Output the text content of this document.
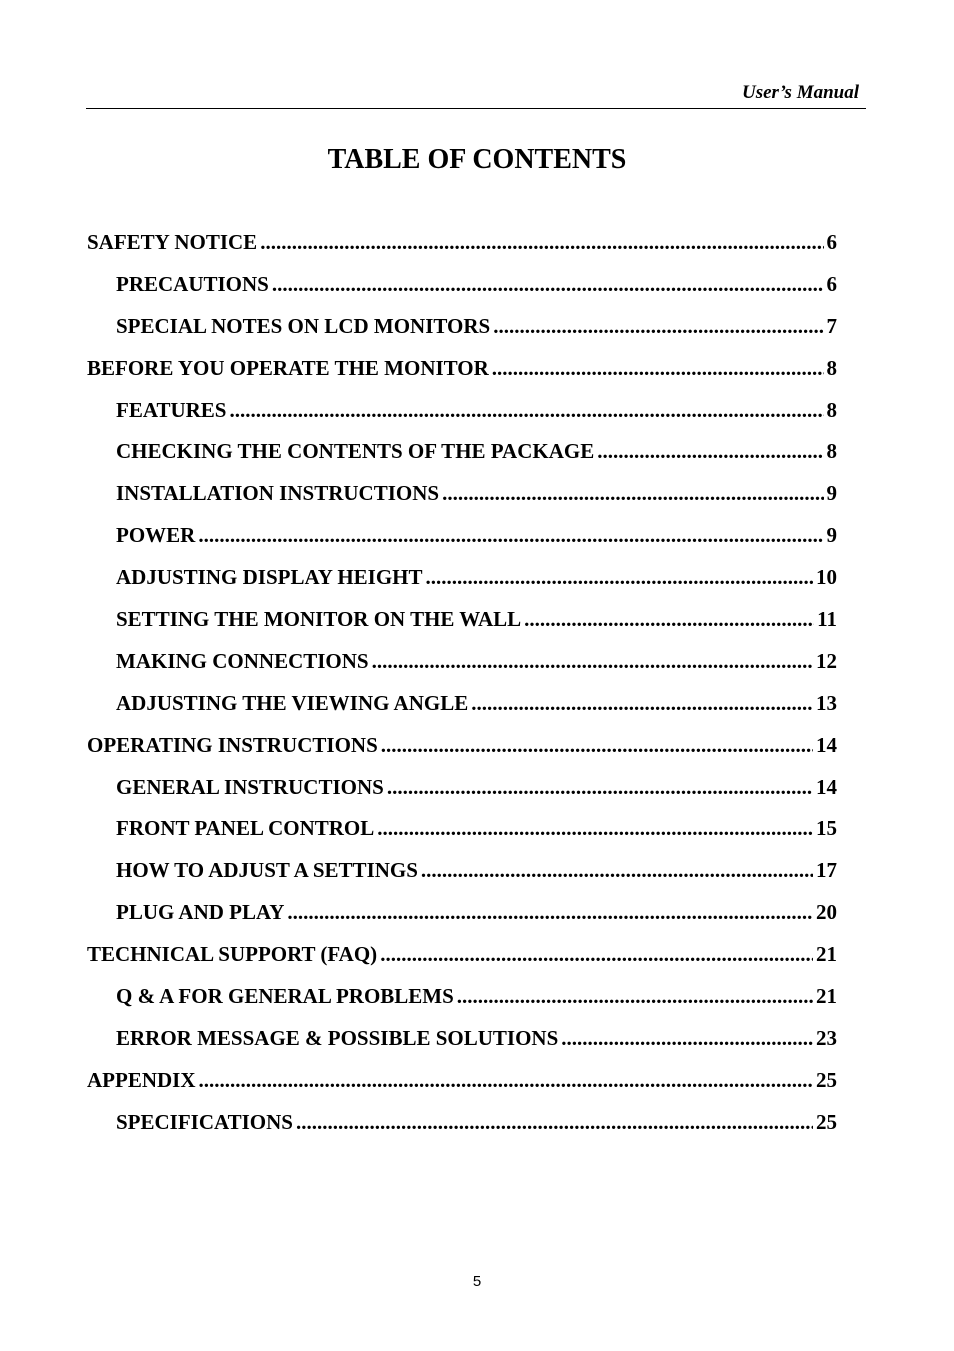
User’s Manual
TABLE OF CONTENTS
SAFETY NOTICE .....	6
PRECAUTIONS .....	6
SPECIAL NOTES ON LCD MONITORS .....	7
BEFORE YOU OPERATE THE MONITOR .....	8
FEATURES .....	8
CHECKING THE CONTENTS OF THE PACKAGE .....	8
INSTALLATION INSTRUCTIONS .....	9
POWER .....	9
ADJUSTING DISPLAY HEIGHT .....	10
SETTING THE MONITOR ON THE WALL .....	11
MAKING CONNECTIONS .....	12
ADJUSTING THE VIEWING ANGLE .....	13
OPERATING INSTRUCTIONS .....	14
GENERAL INSTRUCTIONS .....	14
FRONT PANEL CONTROL .....	15
HOW TO ADJUST A SETTINGS .....	17
PLUG AND PLAY .....	20
TECHNICAL SUPPORT (FAQ) .....	21
Q & A FOR GENERAL PROBLEMS .....	21
ERROR MESSAGE & POSSIBLE SOLUTIONS .....	23
APPENDIX .....	25
SPECIFICATIONS .....	25
5
